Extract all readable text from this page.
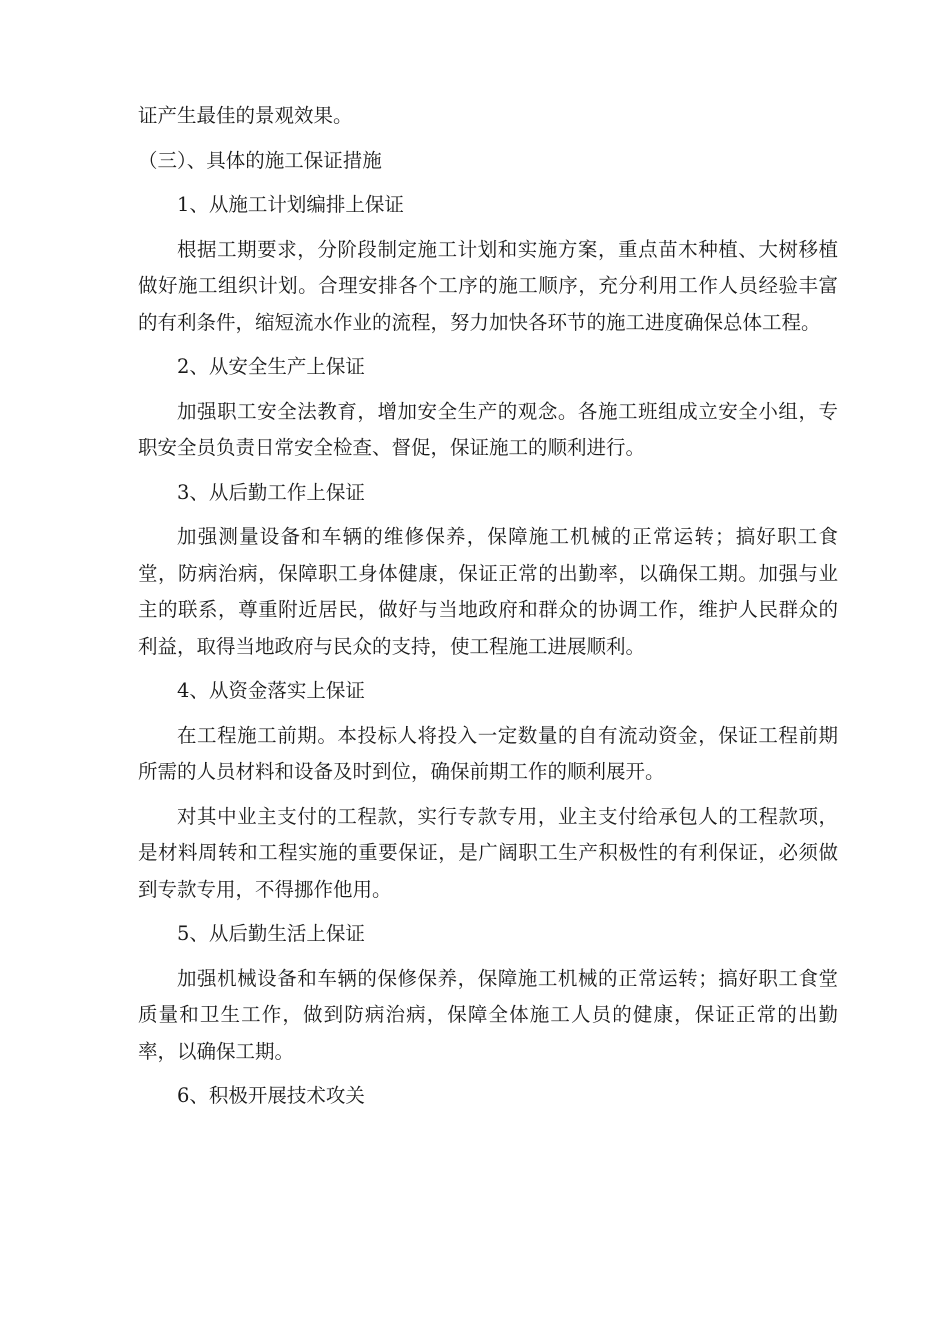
证产生最佳的景观效果。

（三）、具体的施工保证措施

1、从施工计划编排上保证

根据工期要求，分阶段制定施工计划和实施方案，重点苗木种植、大树移植做好施工组织计划。合理安排各个工序的施工顺序，充分利用工作人员经验丰富的有利条件，缩短流水作业的流程，努力加快各环节的施工进度确保总体工程。

2、从安全生产上保证

加强职工安全法教育，增加安全生产的观念。各施工班组成立安全小组，专职安全员负责日常安全检查、督促，保证施工的顺利进行。

3、从后勤工作上保证

加强测量设备和车辆的维修保养，保障施工机械的正常运转；搞好职工食堂，防病治病，保障职工身体健康，保证正常的出勤率，以确保工期。加强与业主的联系，尊重附近居民，做好与当地政府和群众的协调工作，维护人民群众的利益，取得当地政府与民众的支持，使工程施工进展顺利。

4、从资金落实上保证

在工程施工前期。本投标人将投入一定数量的自有流动资金，保证工程前期所需的人员材料和设备及时到位，确保前期工作的顺利展开。

对其中业主支付的工程款，实行专款专用，业主支付给承包人的工程款项，是材料周转和工程实施的重要保证，是广阔职工生产积极性的有利保证，必须做到专款专用，不得挪作他用。

5、从后勤生活上保证

加强机械设备和车辆的保修保养，保障施工机械的正常运转；搞好职工食堂质量和卫生工作，做到防病治病，保障全体施工人员的健康，保证正常的出勤率，以确保工期。

6、积极开展技术攻关
